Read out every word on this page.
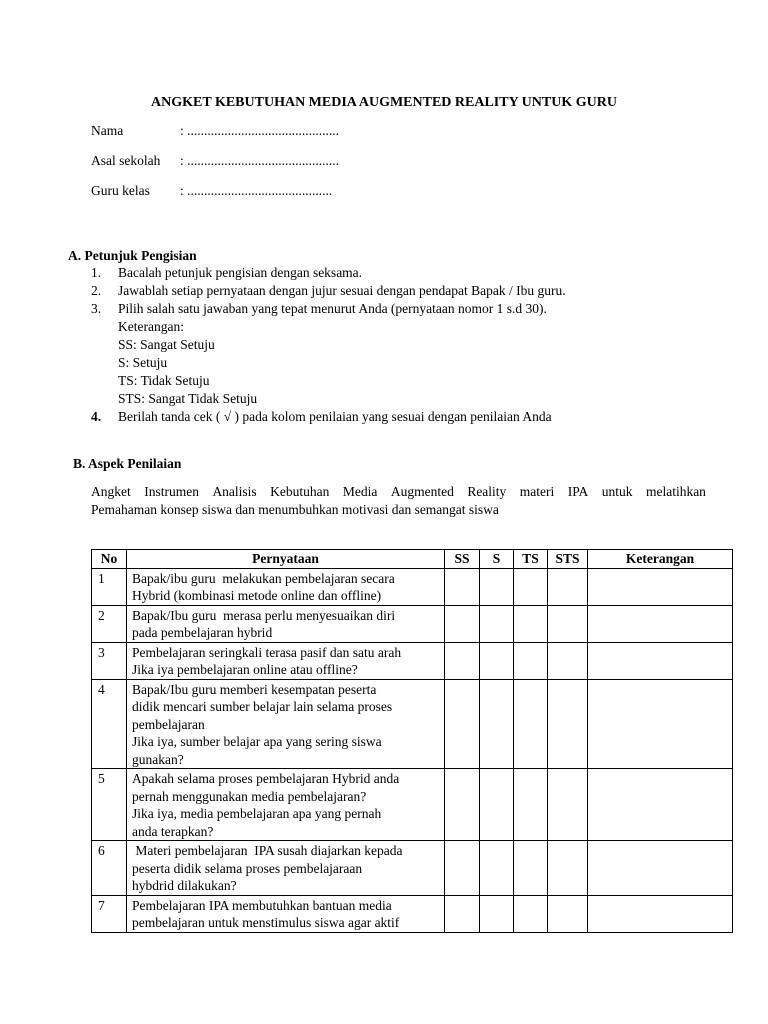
ANGKET KEBUTUHAN MEDIA AUGMENTED REALITY UNTUK GURU
Nama	: .............................................
Asal sekolah : .............................................
Guru kelas : ...........................................
A. Petunjuk Pengisian
1. Bacalah petunjuk pengisian dengan seksama.
2. Jawablah setiap pernyataan dengan jujur sesuai dengan pendapat Bapak / Ibu guru.
3. Pilih salah satu jawaban yang tepat menurut Anda (pernyataan nomor 1 s.d 30).
Keterangan:
SS: Sangat Setuju
S: Setuju
TS: Tidak Setuju
STS: Sangat Tidak Setuju
4. Berilah tanda cek ( √ ) pada kolom penilaian yang sesuai dengan penilaian Anda
B. Aspek Penilaian
Angket Instrumen Analisis Kebutuhan Media Augmented Reality materi IPA untuk melatihkan
Pemahaman konsep siswa dan menumbuhkan motivasi dan semangat siswa
No	Pernyataan	SS	S	TS	STS	Keterangan
1	Bapak/ibu guru  melakukan pembelajaran secara
Hybrid (kombinasi metode online dan offline)					

2	Bapak/Ibu guru  merasa perlu menyesuaikan diri
pada pembelajaran hybrid					

3	Pembelajaran seringkali terasa pasif dan satu arah
Jika iya pembelajaran online atau offline?					

4	Bapak/Ibu guru memberi kesempatan peserta
didik mencari sumber belajar lain selama proses
pembelajaran
Jika iya, sumber belajar apa yang sering siswa
gunakan?					

5	Apakah selama proses pembelajaran Hybrid anda
pernah menggunakan media pembelajaran?
Jika iya, media pembelajaran apa yang pernah
anda terapkan?					

6	Materi pembelajaran  IPA susah diajarkan kepada
peserta didik selama proses pembelajaraan
hybdrid dilakukan?					

7	Pembelajaran IPA membutuhkan bantuan media
pembelajaran untuk menstimulus siswa agar aktif					
